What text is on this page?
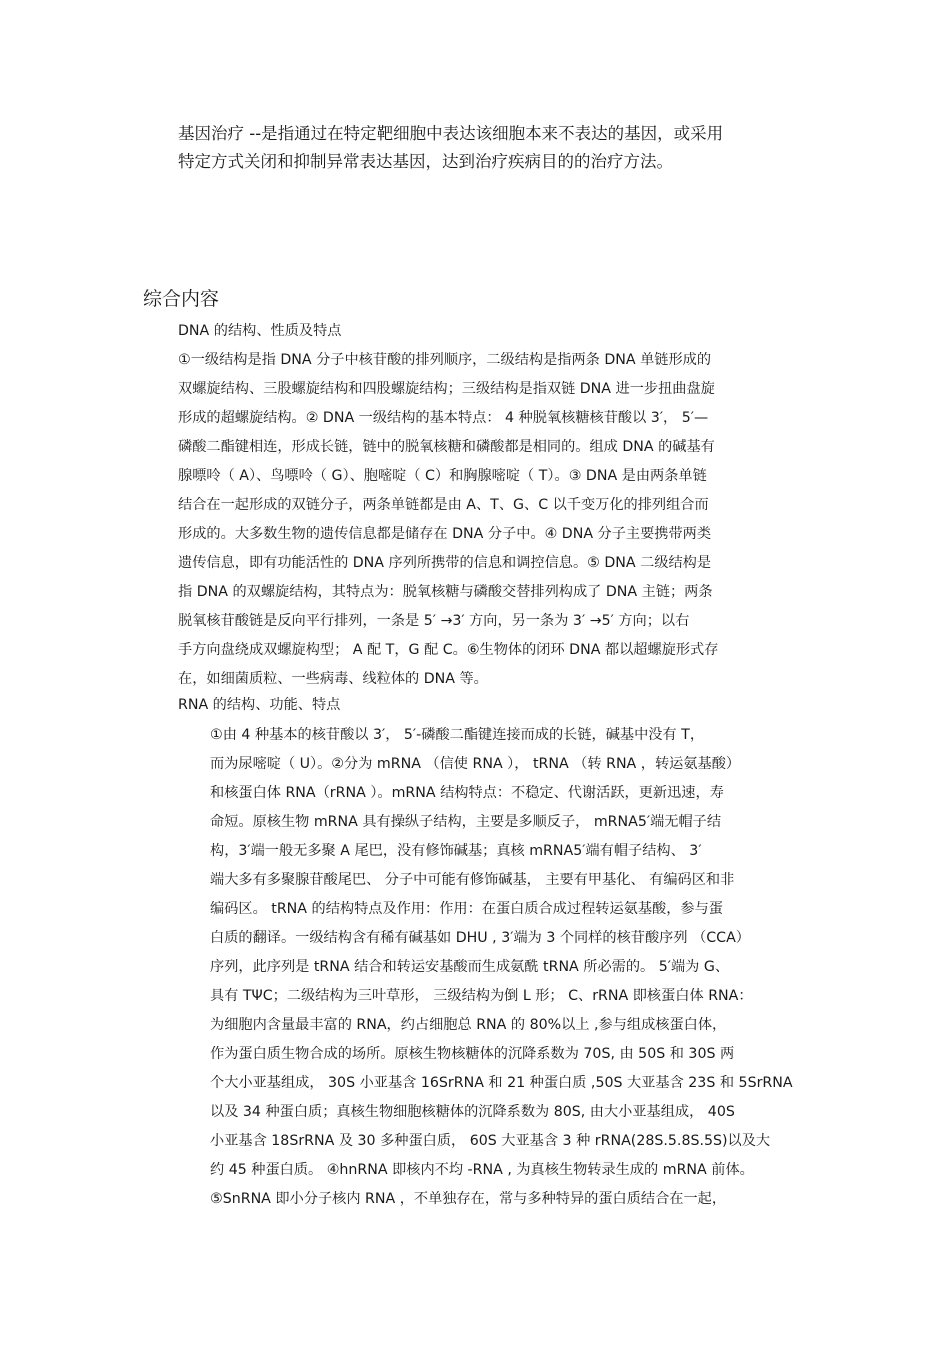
基因治疗 --是指通过在特定靶细胞中表达该细胞本来不表达的基因，或采用

特定方式关闭和抑制异常表达基因，达到治疗疾病目的的治疗方法。

综合内容
DNA 的结构、性质及特点

①一级结构是指 DNA 分子中核苷酸的排列顺序，二级结构是指两条 DNA 单链形成的

双螺旋结构、三股螺旋结构和四股螺旋结构；三级结构是指双链 DNA 进一步扭曲盘旋

形成的超螺旋结构。② DNA 一级结构的基本特点： 4 种脱氧核糖核苷酸以 3′， 5′—

磷酸二酯键相连，形成长链，链中的脱氧核糖和磷酸都是相同的。组成 DNA 的碱基有

腺嘌呤（ A）、鸟嘌呤（ G）、胞嘧啶（ C）和胸腺嘧啶（ T）。③ DNA 是由两条单链

结合在一起形成的双链分子，两条单链都是由 A、T、G、C 以千变万化的排列组合而

形成的。大多数生物的遗传信息都是储存在 DNA 分子中。④ DNA 分子主要携带两类

遗传信息，即有功能活性的 DNA 序列所携带的信息和调控信息。⑤ DNA 二级结构是

指 DNA 的双螺旋结构，其特点为：脱氧核糖与磷酸交替排列构成了 DNA 主链；两条

脱氧核苷酸链是反向平行排列，一条是 5′ →3′ 方向，另一条为 3′ →5′ 方向；以右

手方向盘绕成双螺旋构型； A 配 T，G 配 C。⑥生物体的闭环 DNA 都以超螺旋形式存

在，如细菌质粒、一些病毒、线粒体的 DNA 等。

RNA 的结构、功能、特点

①由 4 种基本的核苷酸以 3′， 5′-磷酸二酯键连接而成的长链，碱基中没有 T，

而为尿嘧啶（ U）。②分为 mRNA （信使 RNA ）， tRNA （转 RNA ，转运氨基酸）

和核蛋白体 RNA（rRNA ）。mRNA 结构特点：不稳定、代谢活跃，更新迅速，寿

命短。原核生物 mRNA 具有操纵子结构，主要是多顺反子， mRNA5′端无帽子结

构，3′端一般无多聚 A 尾巴，没有修饰碱基；真核 mRNA5′端有帽子结构、 3′

端大多有多聚腺苷酸尾巴、 分子中可能有修饰碱基， 主要有甲基化、 有编码区和非

编码区。 tRNA 的结构特点及作用：作用：在蛋白质合成过程转运氨基酸，参与蛋

白质的翻译。一级结构含有稀有碱基如 DHU , 3′端为 3 个同样的核苷酸序列 （CCA）

序列，此序列是 tRNA 结合和转运安基酸而生成氨酰 tRNA 所必需的。 5′端为 G、

具有 TΨC；二级结构为三叶草形， 三级结构为倒 L 形； C、rRNA 即核蛋白体 RNA：

为细胞内含量最丰富的 RNA，约占细胞总 RNA 的 80%以上 ,参与组成核蛋白体，

作为蛋白质生物合成的场所。原核生物核糖体的沉降系数为 70S, 由 50S 和 30S 两

个大小亚基组成， 30S 小亚基含 16SrRNA 和 21 种蛋白质 ,50S 大亚基含 23S 和 5SrRNA

以及 34 种蛋白质；真核生物细胞核糖体的沉降系数为 80S, 由大小亚基组成， 40S

小亚基含 18SrRNA 及 30 多种蛋白质， 60S 大亚基含 3 种 rRNA(28S.5.8S.5S)以及大

约 45 种蛋白质。 ④hnRNA 即核内不均 -RNA , 为真核生物转录生成的 mRNA 前体。

⑤SnRNA 即小分子核内 RNA ，不单独存在，常与多种特异的蛋白质结合在一起，
